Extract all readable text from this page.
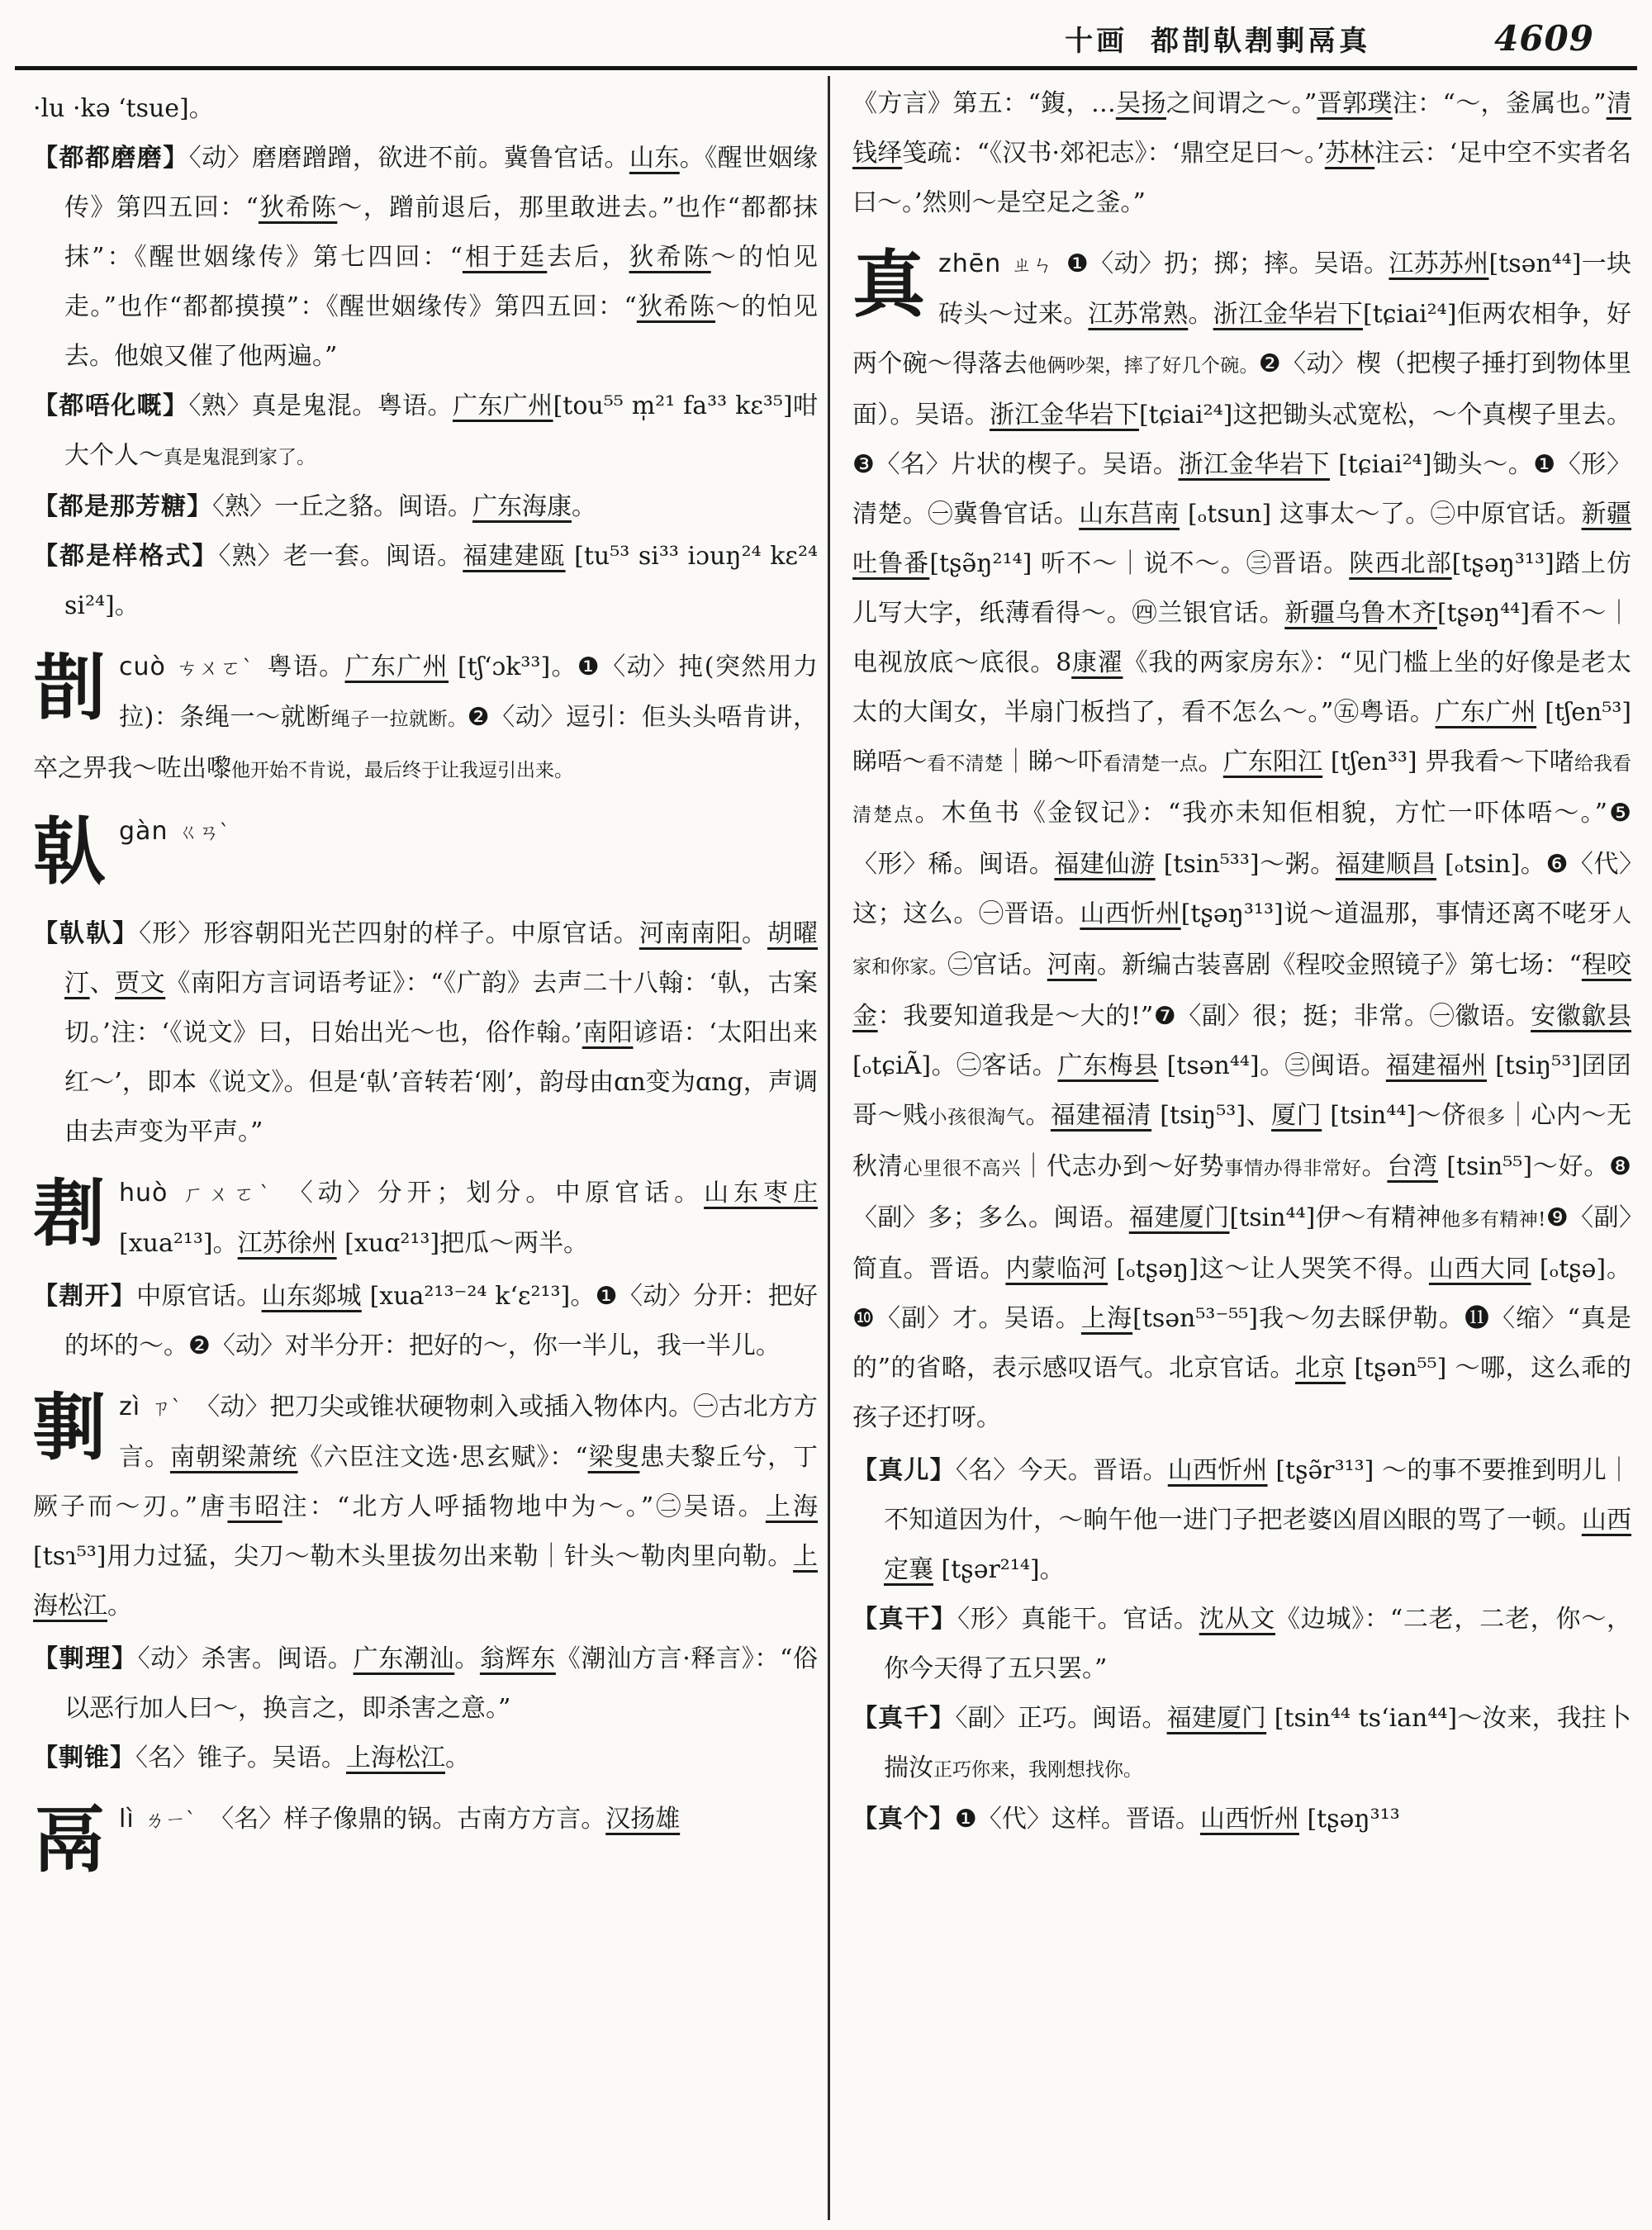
十画 都剒倝剨剚鬲真	4609
·lu ·kə ʻtsue]。
【都都磨磨】〈动〉磨磨蹭蹭，欲进不前。冀鲁官话。山东。《醒世姻缘传》第四五回：“狄希陈～，蹭前退后，那里敢进去。”也作“都都抹抹”：《醒世姻缘传》第七四回：“相于廷去后，狄希陈～的怕见走。”也作“都都摸摸”：《醒世姻缘传》第四五回：“狄希陈～的怕见去。他娘又催了他两遍。”
【都唔化嘅】〈熟〉真是鬼混。粤语。广东广州[tou⁵⁵ m̩²¹ fa³³ kɛ³⁵]咁大个人～真是鬼混到家了。
【都是那芳糖】〈熟〉一丘之貉。闽语。广东海康。
【都是样格式】〈熟〉老一套。闽语。福建建瓯 [tu⁵³ si³³ iɔuŋ²⁴ kɛ²⁴ si²⁴]。
剒cuò ㄘㄨㄛˋ 粤语。广东广州 [tʃʻɔk³³]。❶〈动〉扽(突然用力拉)：条绳一～就断绳子一拉就断。❷〈动〉逗引：佢头头唔肯讲，卒之畀我～咗出嚟他开始不肯说，最后终于让我逗引出来。
倝gàn ㄍㄢˋ
【倝倝】〈形〉形容朝阳光芒四射的样子。中原官话。河南南阳。胡曜汀、贾文《南阳方言词语考证》：“《广韵》去声二十八翰：‘倝，古案切。’注：‘《说文》曰，日始出光～也，俗作翰。’南阳谚语：‘太阳出来红～’，即本《说文》。但是‘倝’音转若‘刚’，韵母由ɑn变为ɑng，声调由去声变为平声。”
剨huò ㄏㄨㄛˋ 〈动〉分开；划分。中原官话。山东枣庄 [xua²¹³]。江苏徐州 [xuɑ²¹³]把瓜～两半。
【剨开】中原官话。山东郯城 [xua²¹³⁻²⁴ kʻɛ²¹³]。❶〈动〉分开：把好的坏的～。❷〈动〉对半分开：把好的～，你一半儿，我一半儿。
剚zì ㄗˋ 〈动〉把刀尖或锥状硬物刺入或插入物体内。㊀古北方方言。南朝梁萧统《六臣注文选·思玄赋》：“梁叟患夫黎丘兮，丁厥子而～刃。”唐韦昭注：“北方人呼插物地中为～。”㊁吴语。上海 [tsɿ⁵³]用力过猛，尖刀～勒木头里拔勿出来勒｜针头～勒肉里向勒。上海松江。
【剚理】〈动〉杀害。闽语。广东潮汕。翁辉东《潮汕方言·释言》：“俗以恶行加人曰～，换言之，即杀害之意。”
【剚锥】〈名〉锥子。吴语。上海松江。
鬲lì ㄌㄧˋ 〈名〉样子像鼎的锅。古南方方言。汉扬雄
《方言》第五：“鍑，…吴扬之间谓之～。”晋郭璞注：“～，釜属也。”清钱绎笺疏：“《汉书·郊祀志》：‘鼎空足曰～。’苏林注云：‘足中空不实者名曰～。’然则～是空足之釜。”
真zhēn ㄓㄣ ❶〈动〉扔；掷；摔。吴语。江苏苏州[tsən⁴⁴]一块砖头～过来。江苏常熟。浙江金华岩下[tɕiai²⁴]佢两农相争，好两个碗～得落去他俩吵架，摔了好几个碗。❷〈动〉楔（把楔子捶打到物体里面）。吴语。浙江金华岩下[tɕiai²⁴]这把锄头忒宽松，～个真楔子里去。❸〈名〉片状的楔子。吴语。浙江金华岩下 [tɕiai²⁴]锄头～。❶〈形〉清楚。㊀冀鲁官话。山东莒南 [ₒtsun] 这事太～了。㊁中原官话。新疆吐鲁番[tʂə̃ŋ²¹⁴] 听不～｜说不～。㊂晋语。陕西北部[tʂəŋ³¹³]踏上仿儿写大字，纸薄看得～。㊃兰银官话。新疆乌鲁木齐[tʂəŋ⁴⁴]看不～｜电视放底～底很。8康濯《我的两家房东》：“见门槛上坐的好像是老太太的大闺女，半扇门板挡了，看不怎么～。”㊄粤语。广东广州 [tʃen⁵³]睇唔～看不清楚｜睇～吓看清楚一点。广东阳江 [tʃen³³] 畀我看～下啫给我看清楚点。木鱼书《金钗记》：“我亦未知佢相貌，方忙一吓体唔～。”❺〈形〉稀。闽语。福建仙游 [tsin⁵³³]～粥。福建顺昌 [ₒtsin]。❻〈代〉这；这么。㊀晋语。山西忻州[tʂəŋ³¹³]说～道温那，事情还离不咾牙人家和你家。㊁官话。河南。新编古装喜剧《程咬金照镜子》第七场：“程咬金：我要知道我是～大的!”❼〈副〉很；挺；非常。㊀徽语。安徽歙县 [ₒtɕiÃ]。㊁客话。广东梅县 [tsən⁴⁴]。㊂闽语。福建福州 [tsiŋ⁵³]囝囝哥～贱小孩很淘气。福建福清 [tsiŋ⁵³]、厦门 [tsin⁴⁴]～侪很多｜心内～无秋清心里很不高兴｜代志办到～好势事情办得非常好。台湾 [tsin⁵⁵]～好。❽〈副〉多；多么。闽语。福建厦门[tsin⁴⁴]伊～有精神他多有精神!❾〈副〉简直。晋语。内蒙临河 [ₒtʂəŋ]这～让人哭笑不得。山西大同 [ₒtʂə]。❿〈副〉才。吴语。上海[tsən⁵³⁻⁵⁵]我～勿去睬伊勒。⓫〈缩〉“真是的”的省略，表示感叹语气。北京官话。北京 [tʂən⁵⁵] ～哪，这么乖的孩子还打呀。
【真儿】〈名〉今天。晋语。山西忻州 [tʂə̃r³¹³] ～的事不要推到明儿｜不知道因为什，～晌午他一进门子把老婆凶眉凶眼的骂了一顿。山西定襄 [tʂər²¹⁴]。
【真干】〈形〉真能干。官话。沈从文《边城》：“二老，二老，你～，你今天得了五只罢。”
【真千】〈副〉正巧。闽语。福建厦门 [tsin⁴⁴ tsʻian⁴⁴]～汝来，我拄卜揣汝正巧你来，我刚想找你。
【真个】❶〈代〉这样。晋语。山西忻州 [tʂəŋ³¹³
